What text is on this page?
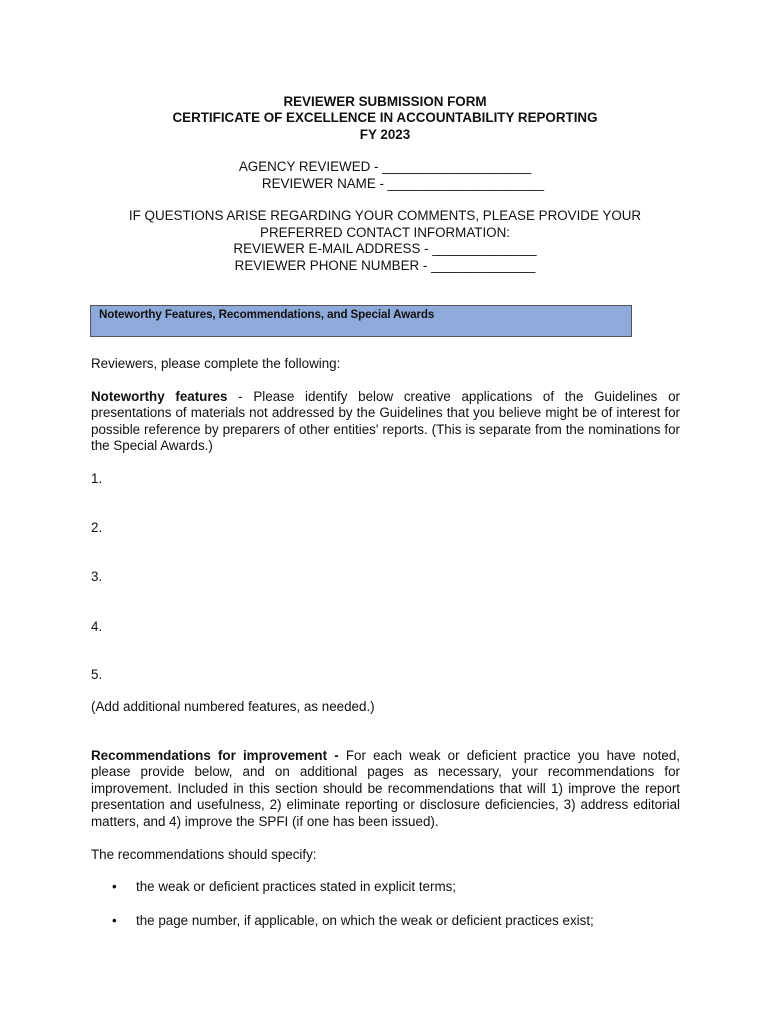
REVIEWER SUBMISSION FORM
CERTIFICATE OF EXCELLENCE IN ACCOUNTABILITY REPORTING
FY 2023
AGENCY REVIEWED - ____________________
REVIEWER NAME - _____________________
IF QUESTIONS ARISE REGARDING YOUR COMMENTS, PLEASE PROVIDE YOUR
PREFERRED CONTACT INFORMATION:
REVIEWER E-MAIL ADDRESS - ______________
REVIEWER PHONE NUMBER - ______________
Noteworthy Features, Recommendations, and Special Awards
Reviewers, please complete the following:
Noteworthy features - Please identify below creative applications of the Guidelines or presentations of materials not addressed by the Guidelines that you believe might be of interest for possible reference by preparers of other entities' reports. (This is separate from the nominations for the Special Awards.)
1.
2.
3.
4.
5.
(Add additional numbered features, as needed.)
Recommendations for improvement - For each weak or deficient practice you have noted, please provide below, and on additional pages as necessary, your recommendations for improvement. Included in this section should be recommendations that will 1) improve the report presentation and usefulness, 2) eliminate reporting or disclosure deficiencies, 3) address editorial matters, and 4) improve the SPFI (if one has been issued).
The recommendations should specify:
• the weak or deficient practices stated in explicit terms;
• the page number, if applicable, on which the weak or deficient practices exist;
